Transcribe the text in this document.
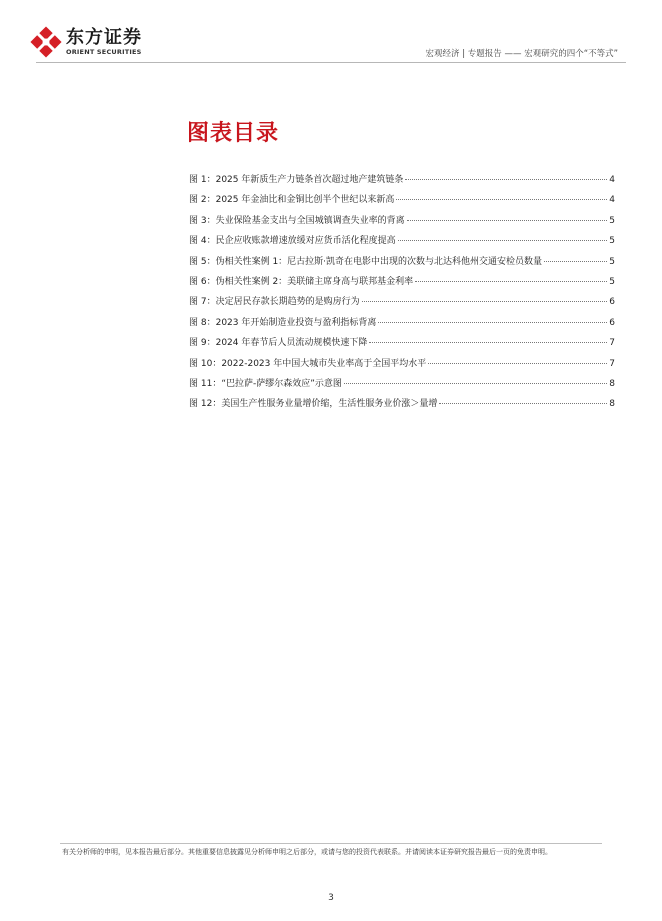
东方证券
ORIENT SECURITIES	宏观经济 | 专题报告 —— 宏观研究的四个“不等式”
图表目录
图 1：2025 年新质生产力链条首次超过地产建筑链条	4
图 2：2025 年金油比和金铜比创半个世纪以来新高	4
图 3：失业保险基金支出与全国城镇调查失业率的背离	5
图 4：民企应收账款增速放缓对应货币活化程度提高	5
图 5：伪相关性案例 1：尼古拉斯·凯奇在电影中出现的次数与北达科他州交通安检员数量	5
图 6：伪相关性案例 2：美联储主席身高与联邦基金利率	5
图 7：决定居民存款长期趋势的是购房行为	6
图 8：2023 年开始制造业投资与盈利指标背离	6
图 9：2024 年春节后人员流动规模快速下降	7
图 10：2022-2023 年中国大城市失业率高于全国平均水平	7
图 11：“巴拉萨-萨缪尔森效应”示意图	8
图 12：美国生产性服务业量增价缩，生活性服务业价涨＞量增	8
有关分析师的申明，见本报告最后部分。其他重要信息披露见分析师申明之后部分，或请与您的投资代表联系。并请阅读本证券研究报告最后一页的免责申明。
3
